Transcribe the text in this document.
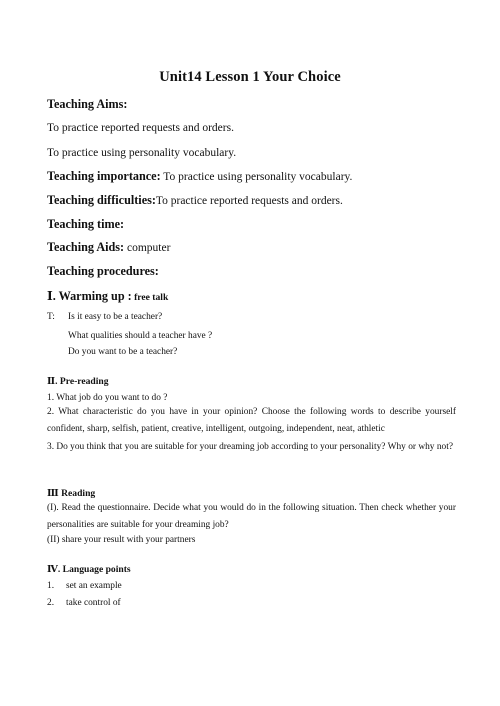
Unit14 Lesson 1 Your Choice
Teaching Aims:
To practice reported requests and orders.
To practice using personality vocabulary.
Teaching importance: To practice using personality vocabulary.
Teaching difficulties:To practice reported requests and orders.
Teaching time:
Teaching Aids: computer
Teaching procedures:
Ⅰ. Warming up : free talk
T: Is it easy to be a teacher?
What qualities should a teacher have ?
Do you want to be a teacher?
Ⅱ. Pre-reading
1. What job do you want to do ?
2. What characteristic do you have in your opinion? Choose the following words to describe yourself confident, sharp, selfish, patient, creative, intelligent, outgoing, independent, neat, athletic
3. Do you think that you are suitable for your dreaming job according to your personality? Why or why not?
Ⅲ Reading
(I). Read the questionnaire. Decide what you would do in the following situation. Then check whether your personalities are suitable for your dreaming job?
(II) share your result with your partners
Ⅳ. Language points
1. set an example
2. take control of
